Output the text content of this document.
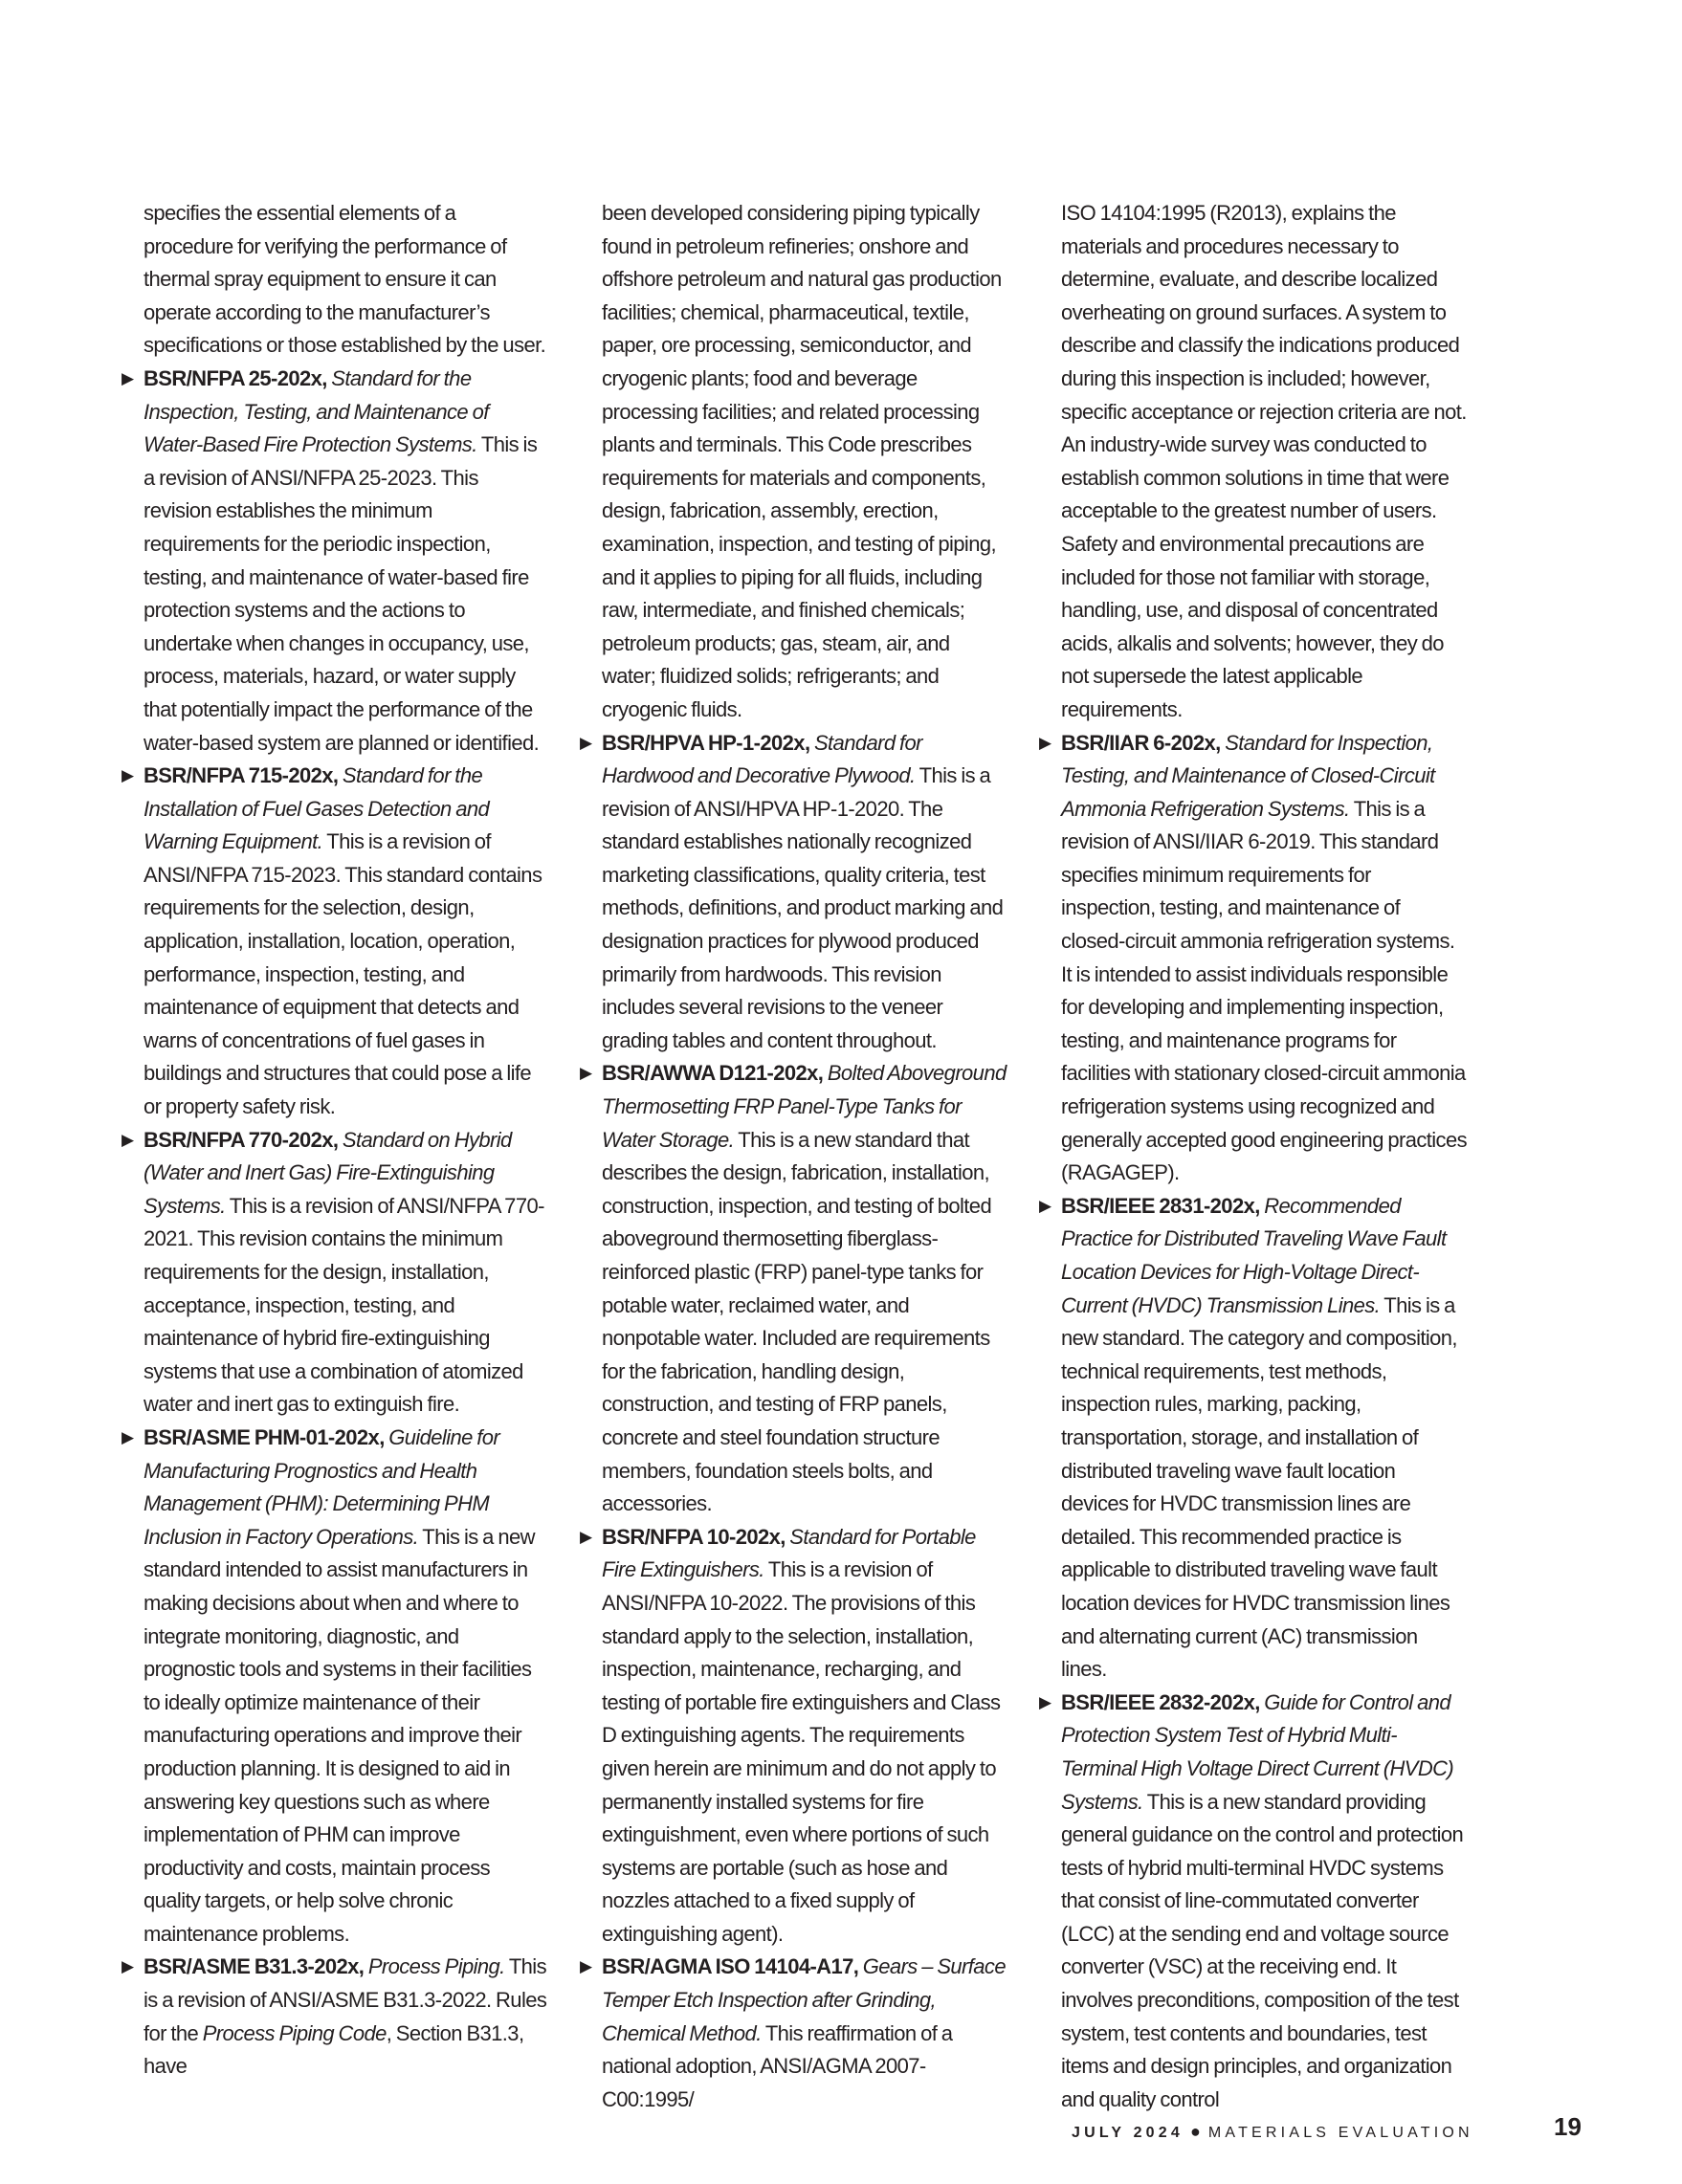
specifies the essential elements of a procedure for verifying the performance of thermal spray equipment to ensure it can operate according to the manufacturer’s specifications or those established by the user.

▶ BSR/NFPA 25-202x, Standard for the Inspection, Testing, and Maintenance of Water-Based Fire Protection Systems. This is a revision of ANSI/NFPA 25-2023. This revision establishes the minimum requirements for the periodic inspection, testing, and maintenance of water-based fire protection systems and the actions to undertake when changes in occupancy, use, process, materials, hazard, or water supply that potentially impact the performance of the water-based system are planned or identified.

▶ BSR/NFPA 715-202x, Standard for the Installation of Fuel Gases Detection and Warning Equipment. This is a revision of ANSI/NFPA 715-2023. This standard contains requirements for the selection, design, application, installation, location, operation, performance, inspection, testing, and maintenance of equipment that detects and warns of concentrations of fuel gases in buildings and structures that could pose a life or property safety risk.

▶ BSR/NFPA 770-202x, Standard on Hybrid (Water and Inert Gas) Fire-Extinguishing Systems. This is a revision of ANSI/NFPA 770-2021. This revision contains the minimum requirements for the design, installation, acceptance, inspection, testing, and maintenance of hybrid fire-extinguishing systems that use a combination of atomized water and inert gas to extinguish fire.

▶ BSR/ASME PHM-01-202x, Guideline for Manufacturing Prognostics and Health Management (PHM): Determining PHM Inclusion in Factory Operations. This is a new standard intended to assist manufacturers in making decisions about when and where to integrate monitoring, diagnostic, and prognostic tools and systems in their facilities to ideally optimize maintenance of their manufacturing operations and improve their production planning. It is designed to aid in answering key questions such as where implementation of PHM can improve productivity and costs, maintain process quality targets, or help solve chronic maintenance problems.

▶ BSR/ASME B31.3-202x, Process Piping. This is a revision of ANSI/ASME B31.3-2022. Rules for the Process Piping Code, Section B31.3, have

been developed considering piping typically found in petroleum refineries; onshore and offshore petroleum and natural gas production facilities; chemical, pharmaceutical, textile, paper, ore processing, semiconductor, and cryogenic plants; food and beverage processing facilities; and related processing plants and terminals. This Code prescribes requirements for materials and components, design, fabrication, assembly, erection, examination, inspection, and testing of piping, and it applies to piping for all fluids, including raw, intermediate, and finished chemicals; petroleum products; gas, steam, air, and water; fluidized solids; refrigerants; and cryogenic fluids.

▶ BSR/HPVA HP-1-202x, Standard for Hardwood and Decorative Plywood. This is a revision of ANSI/HPVA HP-1-2020. The standard establishes nationally recognized marketing classifications, quality criteria, test methods, definitions, and product marking and designation practices for plywood produced primarily from hardwoods. This revision includes several revisions to the veneer grading tables and content throughout.

▶ BSR/AWWA D121-202x, Bolted Aboveground Thermosetting FRP Panel-Type Tanks for Water Storage. This is a new standard that describes the design, fabrication, installation, construction, inspection, and testing of bolted aboveground thermosetting fiberglass-reinforced plastic (FRP) panel-type tanks for potable water, reclaimed water, and nonpotable water. Included are requirements for the fabrication, handling design, construction, and testing of FRP panels, concrete and steel foundation structure members, foundation steels bolts, and accessories.

▶ BSR/NFPA 10-202x, Standard for Portable Fire Extinguishers. This is a revision of ANSI/NFPA 10-2022. The provisions of this standard apply to the selection, installation, inspection, maintenance, recharging, and testing of portable fire extinguishers and Class D extinguishing agents. The requirements given herein are minimum and do not apply to permanently installed systems for fire extinguishment, even where portions of such systems are portable (such as hose and nozzles attached to a fixed supply of extinguishing agent).

▶ BSR/AGMA ISO 14104-A17, Gears – Surface Temper Etch Inspection after Grinding, Chemical Method. This reaffirmation of a national adoption, ANSI/AGMA 2007-C00:1995/

ISO 14104:1995 (R2013), explains the materials and procedures necessary to determine, evaluate, and describe localized overheating on ground surfaces. A system to describe and classify the indications produced during this inspection is included; however, specific acceptance or rejection criteria are not. An industry-wide survey was conducted to establish common solutions in time that were acceptable to the greatest number of users. Safety and environmental precautions are included for those not familiar with storage, handling, use, and disposal of concentrated acids, alkalis and solvents; however, they do not supersede the latest applicable requirements.

▶ BSR/IIAR 6-202x, Standard for Inspection, Testing, and Maintenance of Closed-Circuit Ammonia Refrigeration Systems. This is a revision of ANSI/IIAR 6-2019. This standard specifies minimum requirements for inspection, testing, and maintenance of closed-circuit ammonia refrigeration systems. It is intended to assist individuals responsible for developing and implementing inspection, testing, and maintenance programs for facilities with stationary closed-circuit ammonia refrigeration systems using recognized and generally accepted good engineering practices (RAGAGEP).

▶ BSR/IEEE 2831-202x, Recommended Practice for Distributed Traveling Wave Fault Location Devices for High-Voltage Direct-Current (HVDC) Transmission Lines. This is a new standard. The category and composition, technical requirements, test methods, inspection rules, marking, packing, transportation, storage, and installation of distributed traveling wave fault location devices for HVDC transmission lines are detailed. This recommended practice is applicable to distributed traveling wave fault location devices for HVDC transmission lines and alternating current (AC) transmission lines.

▶ BSR/IEEE 2832-202x, Guide for Control and Protection System Test of Hybrid Multi-Terminal High Voltage Direct Current (HVDC) Systems. This is a new standard providing general guidance on the control and protection tests of hybrid multi-terminal HVDC systems that consist of line-commutated converter (LCC) at the sending end and voltage source converter (VSC) at the receiving end. It involves preconditions, composition of the test system, test contents and boundaries, test items and design principles, and organization and quality control

JULY 2024 ● MATERIALS EVALUATION	19
